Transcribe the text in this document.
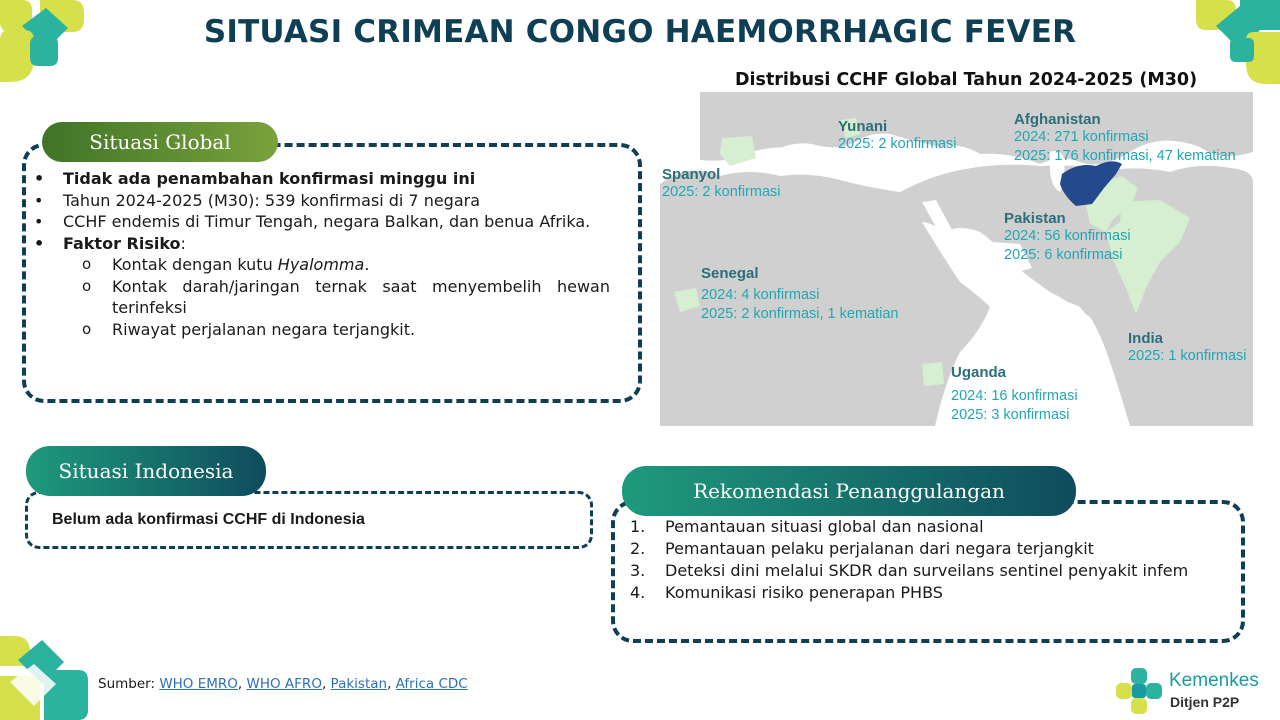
SITUASI CRIMEAN CONGO HAEMORRHAGIC FEVER
Distribusi CCHF Global Tahun 2024-2025 (M30)
Yunani
2025: 2 konfirmasi
Afghanistan
2024: 271 konfirmasi
2025: 176 konfirmasi, 47 kematian
Spanyol
2025: 2 konfirmasi
Pakistan
2024: 56 konfirmasi
2025: 6 konfirmasi
Senegal
2024: 4 konfirmasi
2025: 2 konfirmasi, 1 kematian
India
2025: 1 konfirmasi
Uganda
2024: 16 konfirmasi
2025: 3 konfirmasi
Situasi Global
• Tidak ada penambahan konfirmasi minggu ini
• Tahun 2024-2025 (M30): 539 konfirmasi di 7 negara
• CCHF endemis di Timur Tengah, negara Balkan, dan benua Afrika.
• Faktor Risiko:
o Kontak dengan kutu Hyalomma.
o Kontak darah/jaringan ternak saat menyembelih hewan terinfeksi
o Riwayat perjalanan negara terjangkit.
Situasi Indonesia
Belum ada konfirmasi CCHF di Indonesia
Rekomendasi Penanggulangan
1. Pemantauan situasi global dan nasional
2. Pemantauan pelaku perjalanan dari negara terjangkit
3. Deteksi dini melalui SKDR dan surveilans sentinel penyakit infem
4. Komunikasi risiko penerapan PHBS
Sumber: WHO EMRO, WHO AFRO, Pakistan, Africa CDC	Kemenkes
Ditjen P2P
